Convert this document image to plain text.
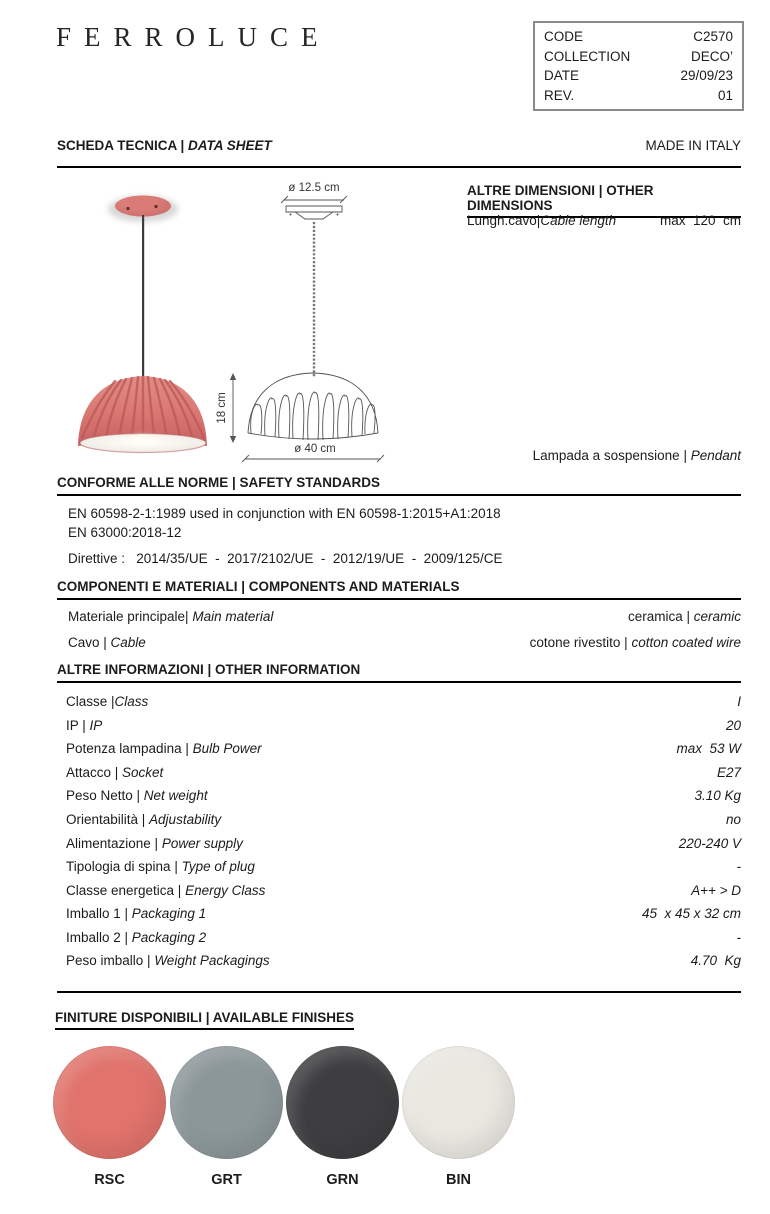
FERROLUCE	CODE	C2570
COLLECTION	DECO’
DATE	29/09/23
REV.	01
SCHEDA TECNICA | DATA SHEET	MADE IN ITALY
ø 12.5 cm
18 cm
ø 40 cm
ALTRE DIMENSIONI | OTHER DIMENSIONS
Lungh.cavo|Cable length	max  120  cm
Lampada a sospensione | Pendant
CONFORME ALLE NORME | SAFETY STANDARDS
EN 60598-2-1:1989 used in conjunction with EN 60598-1:2015+A1:2018
EN 63000:2018-12
Direttive :   2014/35/UE  -  2017/2102/UE  -  2012/19/UE  -  2009/125/CE
COMPONENTI E MATERIALI | COMPONENTS AND MATERIALS
Materiale principale| Main material	ceramica | ceramic
Cavo | Cable	cotone rivestito | cotton coated wire
ALTRE INFORMAZIONI | OTHER INFORMATION
Classe |Class	I
IP | IP	20
Potenza lampadina | Bulb Power	max  53 W
Attacco | Socket	E27
Peso Netto | Net weight	3.10 Kg
Orientabilità | Adjustability	no
Alimentazione | Power supply	220-240 V
Tipologia di spina | Type of plug	-
Classe energetica | Energy Class	A++ > D
Imballo 1 | Packaging 1	45  x 45 x 32 cm
Imballo 2 | Packaging 2	-
Peso imballo | Weight Packagings	4.70  Kg
FINITURE DISPONIBILI | AVAILABLE FINISHES
RSC	GRT	GRN	BIN
